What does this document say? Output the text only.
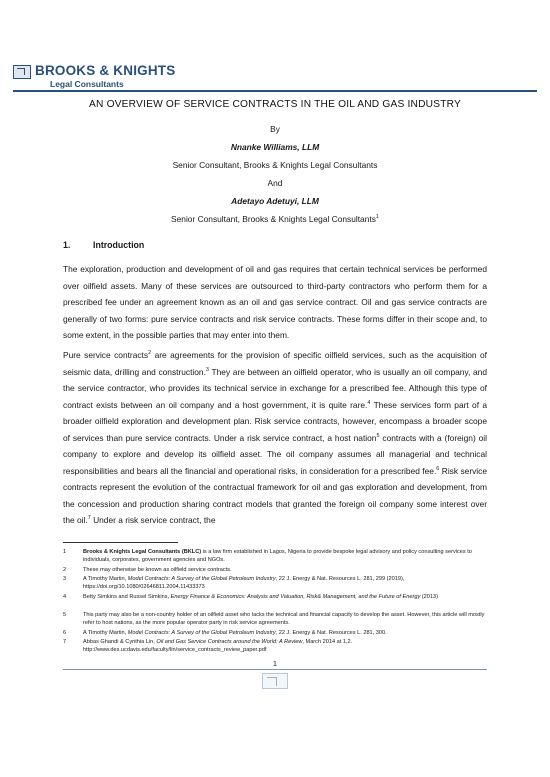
BROOKS & KNIGHTS
Legal Consultants
AN OVERVIEW OF SERVICE CONTRACTS IN THE OIL AND GAS INDUSTRY
By
Nnanke Williams, LLM
Senior Consultant, Brooks & Knights Legal Consultants
And
Adetayo Adetuyi, LLM
Senior Consultant, Brooks & Knights Legal Consultants$^1$
1.	Introduction
The exploration, production and development of oil and gas requires that certain technical services be performed over oilfield assets. Many of these services are outsourced to third-party contractors who perform them for a prescribed fee under an agreement known as an oil and gas service contract. Oil and gas service contracts are generally of two forms: pure service contracts and risk service contracts. These forms differ in their scope and, to some extent, in the possible parties that may enter into them.
Pure service contracts$^2$ are agreements for the provision of specific oilfield services, such as the acquisition of seismic data, drilling and construction.$^3$ They are between an oilfield operator, who is usually an oil company, and the service contractor, who provides its technical service in exchange for a prescribed fee. Although this type of contract exists between an oil company and a host government, it is quite rare.$^4$ These services form part of a broader oilfield exploration and development plan. Risk service contracts, however, encompass a broader scope of services than pure service contracts. Under a risk service contract, a host nation$^5$ contracts with a (foreign) oil company to explore and develop its oilfield asset. The oil company assumes all managerial and technical responsibilities and bears all the financial and operational risks, in consideration for a prescribed fee.$^6$ Risk service contracts represent the evolution of the contractual framework for oil and gas exploration and development, from the concession and production sharing contract models that granted the foreign oil company some interest over the oil.$^7$ Under a risk service contract, the
1	Brooks & Knights Legal Consultants (BKLC) is a law firm established in Lagos, Nigeria to provide bespoke legal advisory and policy consulting services to individuals, corporates, government agencies and NGOs.
2	These may otherwise be known as oilfield service contracts.
3	A Timothy Martin, Model Contracts: A Survey of the Global Petroleum Industry, 22 J. Energy & Nat. Resources L. 281, 299 (2019), https://doi.org/10.1080/02646811.2004.11433373
4	Betty Simkins and Russel Simkins, Energy Finance & Economics: Analysis and Valuation, Risk& Management, and the Future of Energy (2013)
5	This party may also be a non-country holder of an oilfield asset who lacks the technical and financial capacity to develop the asset. However, this article will mostly refer to host nations, as the more popular operator party in risk service agreements.
6	A Timothy Martin, Model Contracts: A Survey of the Global Petroleum Industry, 22 J. Energy & Nat. Resources L. 281, 300.
7	Abbas Ghandi & Cynthia Lin, Oil and Gas Service Contracts around the World: A Review, March 2014 at 1,2. http://www.des.ucdavis.edu/faculty/lin/service_contracts_review_paper.pdf
1
